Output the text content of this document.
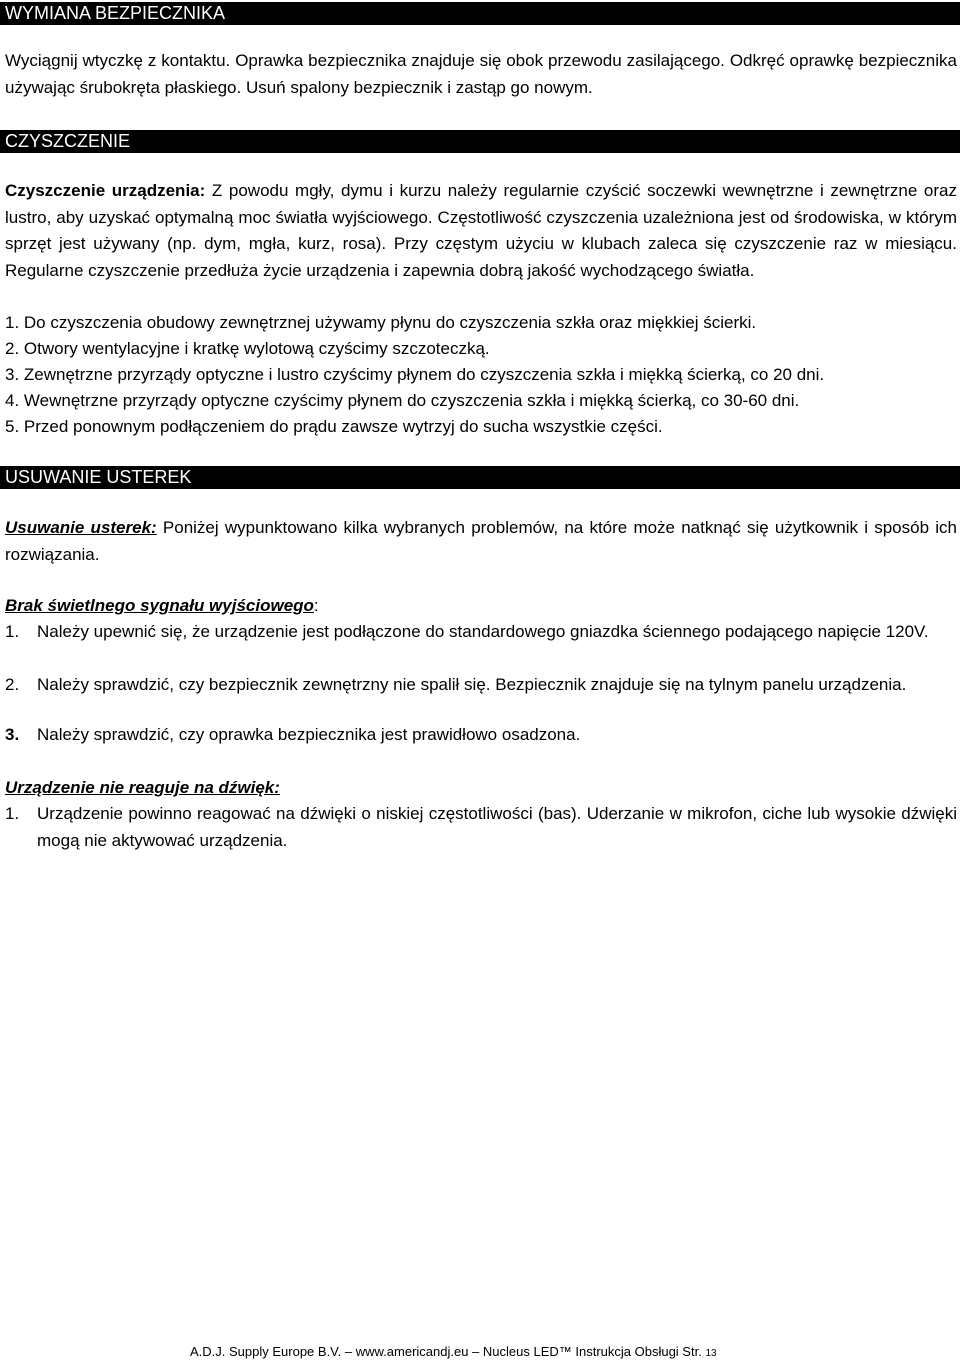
WYMIANA BEZPIECZNIKA

Wyciągnij wtyczkę z kontaktu. Oprawka bezpiecznika znajduje się obok przewodu zasilającego. Odkręć oprawkę bezpiecznika używając śrubokręta płaskiego. Usuń spalony bezpiecznik i zastąp go nowym.

CZYSZCZENIE

Czyszczenie urządzenia: Z powodu mgły, dymu i kurzu należy regularnie czyścić soczewki wewnętrzne i zewnętrzne oraz lustro, aby uzyskać optymalną moc światła wyjściowego. Częstotliwość czyszczenia uzależniona jest od środowiska, w którym sprzęt jest używany (np. dym, mgła, kurz, rosa). Przy częstym użyciu w klubach zaleca się czyszczenie raz w miesiącu. Regularne czyszczenie przedłuża życie urządzenia i zapewnia dobrą jakość wychodzącego światła.

1. Do czyszczenia obudowy zewnętrznej używamy płynu do czyszczenia szkła oraz miękkiej ścierki.
2. Otwory wentylacyjne i kratkę wylotową czyścimy szczoteczką.
3. Zewnętrzne przyrządy optyczne i lustro czyścimy płynem do czyszczenia szkła i miękką ścierką, co 20 dni.
4. Wewnętrzne przyrządy optyczne czyścimy płynem do czyszczenia szkła i miękką ścierką, co 30-60 dni.
5. Przed ponownym podłączeniem do prądu zawsze wytrzyj do sucha wszystkie części.
USUWANIE USTEREK

Usuwanie usterek: Poniżej wypunktowano kilka wybranych problemów, na które może natknąć się użytkownik i sposób ich rozwiązania.

Brak świetlnego sygnału wyjściowego:
1. Należy upewnić się, że urządzenie jest podłączone do standardowego gniazdka ściennego podającego napięcie 120V.
2. Należy sprawdzić, czy bezpiecznik zewnętrzny nie spalił się. Bezpiecznik znajduje się na tylnym panelu urządzenia.
3. Należy sprawdzić, czy oprawka bezpiecznika jest prawidłowo osadzona.
Urządzenie nie reaguje na dźwięk:
1. Urządzenie powinno reagować na dźwięki o niskiej częstotliwości (bas). Uderzanie w mikrofon, ciche lub wysokie dźwięki mogą nie aktywować urządzenia.
A.D.J. Supply Europe B.V. – www.americandj.eu – Nucleus LED™ Instrukcja Obsługi Str. 13
